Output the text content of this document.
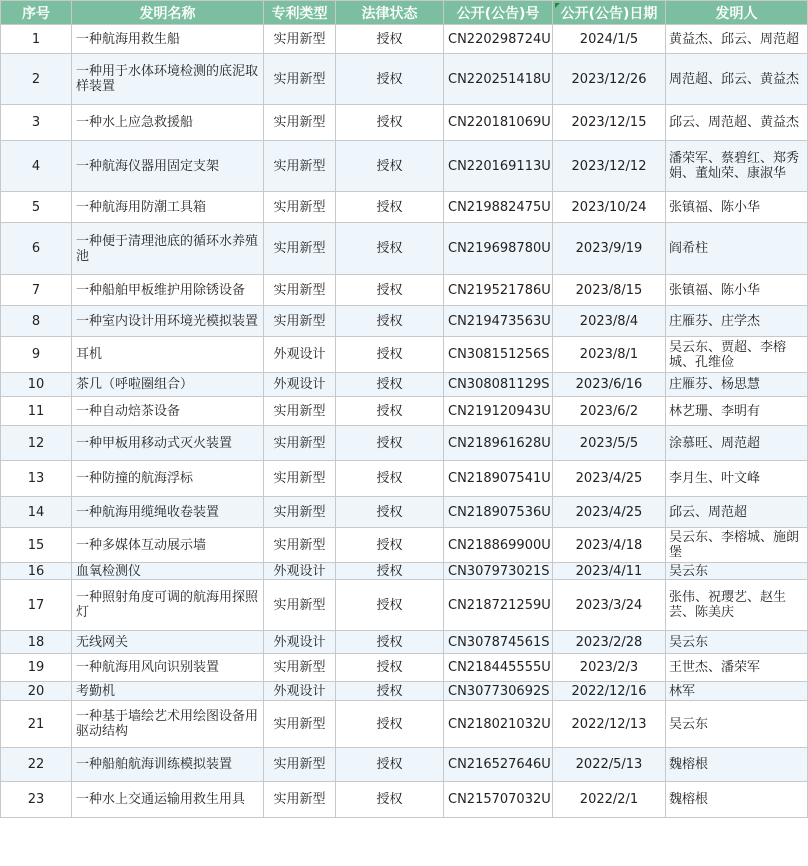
序号	发明名称	专利类型	法律状态	公开(公告)号	公开(公告)日期	发明人
1	一种航海用救生船	实用新型	授权	CN220298724U	2024/1/5	黄益杰、邱云、周范超
2	一种用于水体环境检测的底泥取样装置	实用新型	授权	CN220251418U	2023/12/26	周范超、邱云、黄益杰
3	一种水上应急救援船	实用新型	授权	CN220181069U	2023/12/15	邱云、周范超、黄益杰
4	一种航海仪器用固定支架	实用新型	授权	CN220169113U	2023/12/12	潘荣军、蔡碧红、郑秀娟、董灿荣、康淑华
5	一种航海用防潮工具箱	实用新型	授权	CN219882475U	2023/10/24	张镇福、陈小华
6	一种便于清理池底的循环水养殖池	实用新型	授权	CN219698780U	2023/9/19	阎希柱
7	一种船舶甲板维护用除锈设备	实用新型	授权	CN219521786U	2023/8/15	张镇福、陈小华
8	一种室内设计用环境光模拟装置	实用新型	授权	CN219473563U	2023/8/4	庄雁芬、庄学杰
9	耳机	外观设计	授权	CN308151256S	2023/8/1	吴云东、贾超、李榕城、孔维俭
10	茶几（呼啦圈组合）	外观设计	授权	CN308081129S	2023/6/16	庄雁芬、杨思慧
11	一种自动焙茶设备	实用新型	授权	CN219120943U	2023/6/2	林艺珊、李明有
12	一种甲板用移动式灭火装置	实用新型	授权	CN218961628U	2023/5/5	涂慕旺、周范超
13	一种防撞的航海浮标	实用新型	授权	CN218907541U	2023/4/25	李月生、叶文峰
14	一种航海用缆绳收卷装置	实用新型	授权	CN218907536U	2023/4/25	邱云、周范超
15	一种多媒体互动展示墙	实用新型	授权	CN218869900U	2023/4/18	吴云东、李榕城、施朗堡
16	血氧检测仪	外观设计	授权	CN307973021S	2023/4/11	吴云东
17	一种照射角度可调的航海用探照灯	实用新型	授权	CN218721259U	2023/3/24	张伟、祝璎艺、赵生芸、陈美庆
18	无线网关	外观设计	授权	CN307874561S	2023/2/28	吴云东
19	一种航海用风向识别装置	实用新型	授权	CN218445555U	2023/2/3	王世杰、潘荣军
20	考勤机	外观设计	授权	CN307730692S	2022/12/16	林军
21	一种基于墙绘艺术用绘图设备用驱动结构	实用新型	授权	CN218021032U	2022/12/13	吴云东
22	一种船舶航海训练模拟装置	实用新型	授权	CN216527646U	2022/5/13	魏榕根
23	一种水上交通运输用救生用具	实用新型	授权	CN215707032U	2022/2/1	魏榕根
